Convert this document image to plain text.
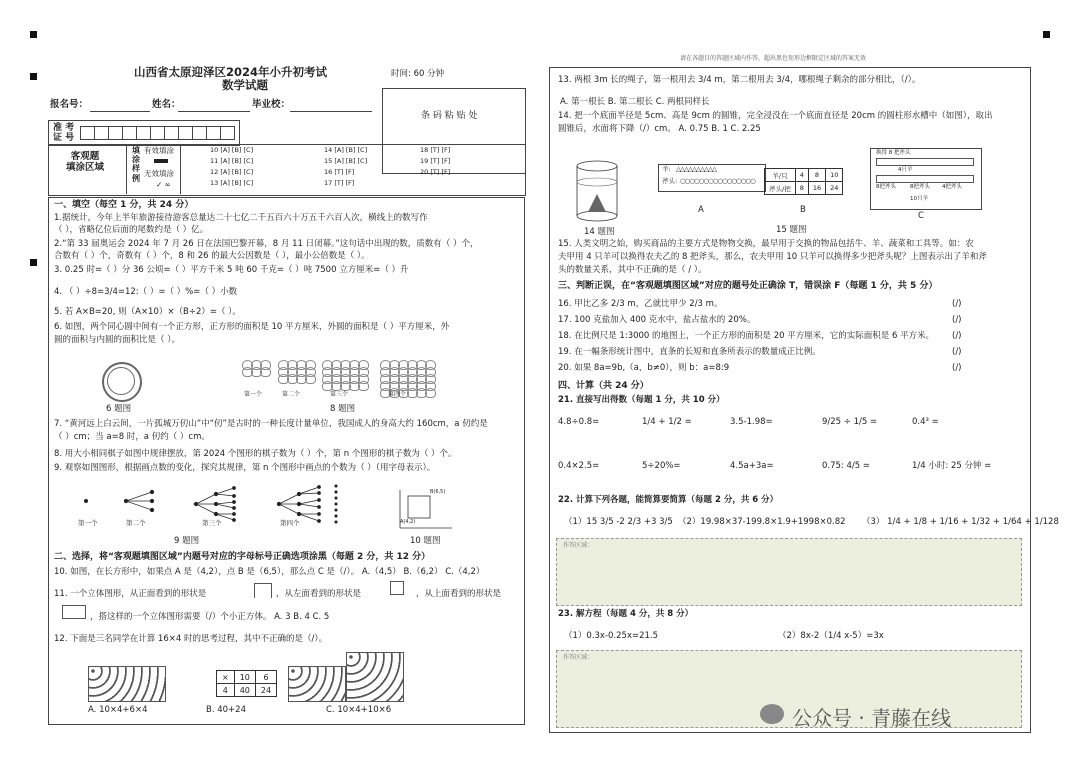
山西省太原迎泽区2024年小升初考试
数学试题
时间: 60 分钟
报名号：	姓名：	毕业校：
条 码 粘 贴 处
准 考
证 号
客观题
填涂区域
填
涂
样
例
有效填涂
无效填涂
✓ ∞
10 [A] [B] [C]	14 [A] [B] [C]	18 [T] [F]
11 [A] [B] [C]	15 [A] [B] [C]	19 [T] [F]
12 [A] [B] [C]	16 [T] [F]	20 [T] [F]
13 [A] [B] [C]	17 [T] [F]
一、填空（每空 1 分，共 24 分）
1.据统计，今年上半年旅游接待游客总量达二十七亿二千五百六十万五千六百人次，横线上的数写作
（ ），省略亿位后面的尾数约是（ ）亿。
2.“第 33 届奥运会 2024 年 7 月 26 日在法国巴黎开幕，8 月 11 日闭幕。”这句话中出现的数，质数有（ ）个，
合数有（ ）个，奇数有（ ）个，8 和 26 的最大公因数是（ ），最小公倍数是（ ）。
3. 0.25 时=（ ）分 36 公顷=（ ）平方千米 5 吨 60 千克=（ ）吨 7500 立方厘米=（ ）升
4. （ ）÷8=3/4=12:（ ）=（ ）%=（ ）小数
5. 若 A×B=20, 则（A×10）×（B÷2）=（ ）。
6. 如图，两个同心圆中间有一个正方形，正方形的面积是 10 平方厘米，外圆的面积是（ ）平方厘米，外
圆的面积与内圆的面积比是（ ）。
6 题图
第一个	第二个	第三个	第四个
8 题图
7. “黄河远上白云间，一片孤城万仞山”中“仞”是古时的一种长度计量单位，我国成人的身高大约 160cm，a 仞约是
（ ）cm；当 a=8 时，a 仞约（ ）cm。
8. 用大小相同棋子如图中规律摆放，第 2024 个图形的棋子数为（ ）个，第 n 个图形的棋子数为（ ）个。
9. 观察如图图形，根据画点数的变化，探究其规律，第 n 个图形中画点的个数为（ ）（用字母表示）。
第一个	第二个	第三个	第四个
9 题图
B(6,5)
A(4,2)
10 题图
二、选择，将“客观题填图区域”内题号对应的字母标号正确选项涂黑（每题 2 分，共 12 分）
10. 如图，在长方形中，如果点 A 是（4,2），点 B 是（6,5），那么点 C 是（/）。 A.（4,5） B.（6,2） C.（4,2）
11. 一个立体图形，从正面看到的形状是	，从左面看到的形状是	，从上面看到的形状是
，搭这样的一个立体图形需要（/）个小正方体。 A. 3 B. 4 C. 5
12. 下面是三名同学在计算 16×4 时的思考过程，其中不正确的是（/）。
×	10	6
4	40	24
A. 10×4+6×4	B. 40+24	C. 10×4+10×6
请在各题目的答题区域内作答，超出黑色矩形边框限定区域的答案无效
13. 两根 3m 长的绳子，第一根用去 3/4 m，第二根用去 3/4，哪根绳子剩余的部分相比，（/）。
A. 第一根长 B. 第二根长 C. 两根同样长
14. 把一个底面半径是 5cm、高是 9cm 的圆锥，完全浸没在一个底面直径是 20cm 的圆柱形水槽中（如图），取出
圆锥后，水面将下降（/）cm。 A. 0.75 B. 1 C. 2.25
14 题图
羊: △△△△△△△△△△
斧头: ○○○○○○○○○○○○○○○○
A
羊/只	4	8	10
斧头/把	8	16	24
B
换得 8 把斧头
4只羊
8把斧头	8把斧头 4把斧头
10只羊
C
15 题图
15. 人类文明之始，购买商品的主要方式是物物交换，最早用于交换的物品包括牛、羊、蔬菜和工具等。如：农
夫甲用 4 只羊可以换得农夫乙的 8 把斧头，那么，农夫甲用 10 只羊可以换得多少把斧头呢？上图表示出了羊和斧
头的数量关系，其中不正确的是（ / ）。
三、判断正误，在“客观题填图区域”对应的题号处正确涂 T，错误涂 F（每题 1 分，共 5 分）
16. 甲比乙多 2/3 m，乙就比甲少 2/3 m。	(/)
17. 100 克盐加入 400 克水中，盐占盐水的 20%。	(/)
18. 在比例尺是 1:3000 的地图上，一个正方形的面积是 20 平方厘米，它的实际面积是 6 平方米。 (/)
19. 在一幅条形统计图中，直条的长短和直条所表示的数量成正比例。	(/)
20. 如果 8a=9b,（a，b≠0），则 b：a=8:9	(/)
四、计算（共 24 分）
21. 直接写出得数（每题 1 分，共 10 分）
4.8÷0.8=	1/4 + 1/2 =	3.5-1.98=	9/25 ÷ 1/5 =	0.4³ =
0.4×2.5=	5÷20%=	4.5a+3a=	0.75: 4/5 =	1/4 小时: 25 分钟 =
22. 计算下列各题，能简算要简算（每题 2 分，共 6 分）
（1）15 3/5 -2 2/3 +3 3/5 （2）19.98×37-199.8×1.9+1998×0.82 （3） 1/4 + 1/8 + 1/16 + 1/32 + 1/64 + 1/128
作答区域：
23. 解方程（每题 4 分，共 8 分）
（1）0.3x-0.25x=21.5	（2）8x-2（1/4 x-5）=3x
作答区域：
公众号 · 青藤在线
